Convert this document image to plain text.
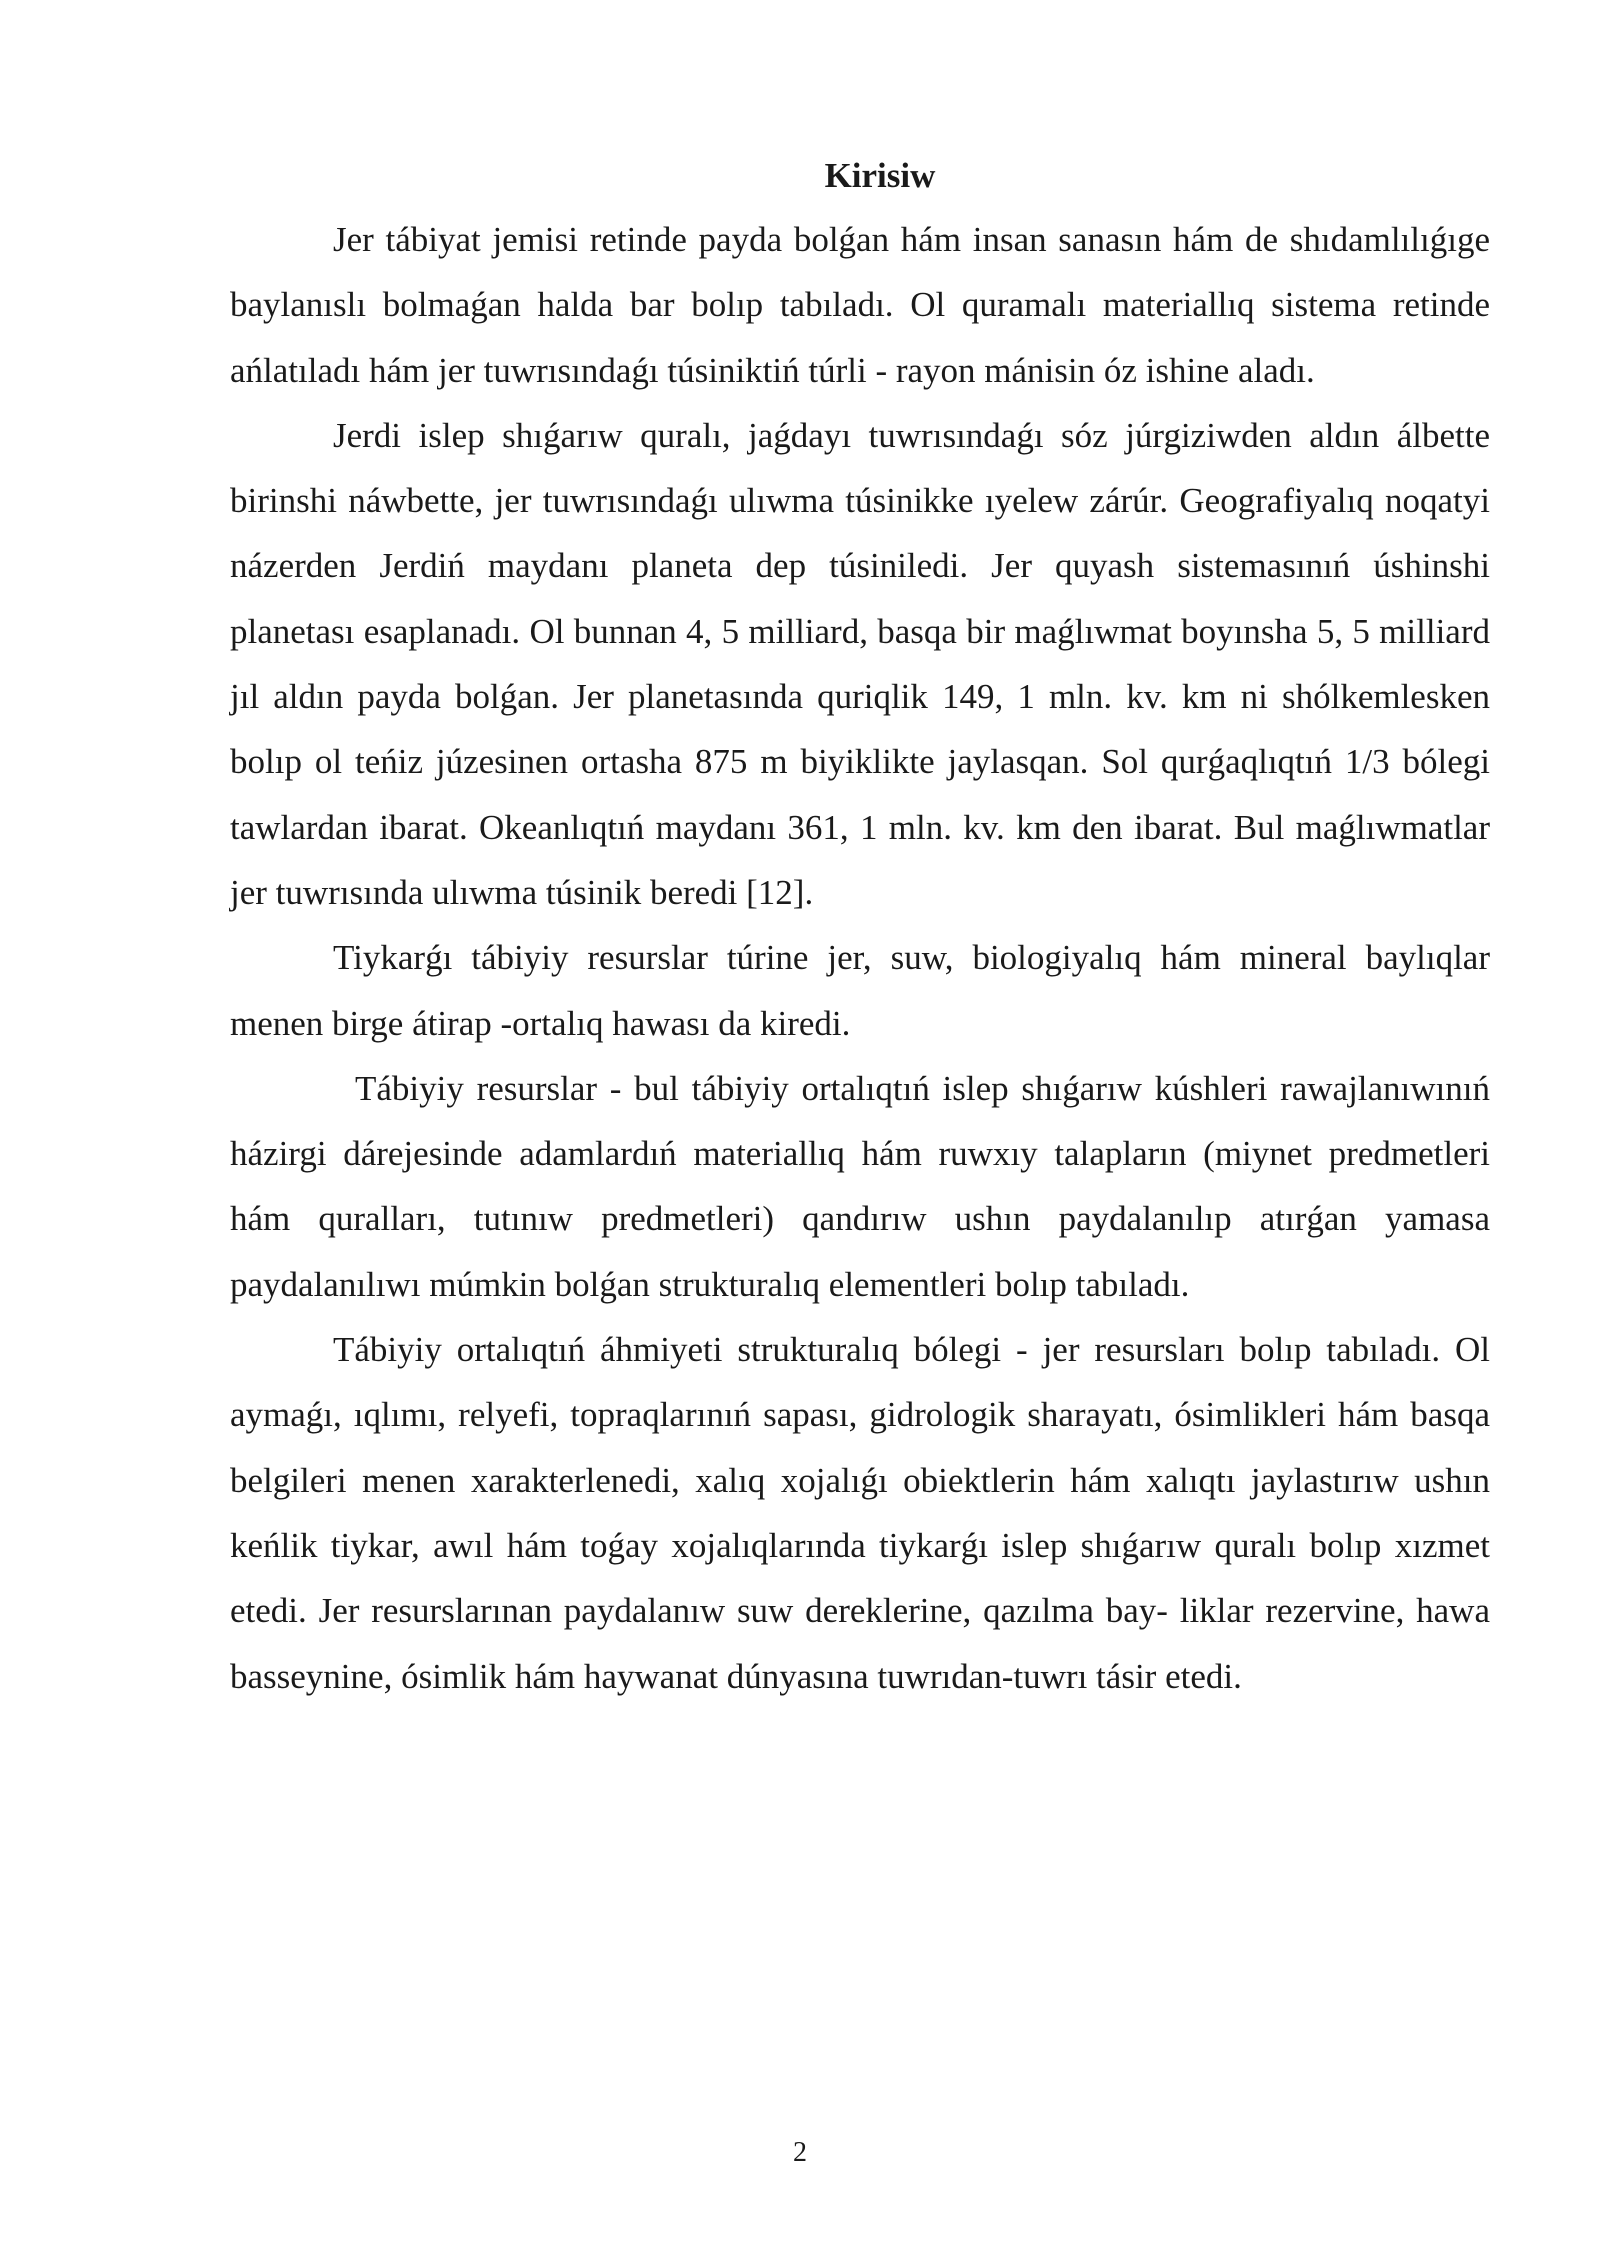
Kirisiw

Jer tábiyat jemisi retinde payda bolǵan hám insan sanasın hám de shıdamlılıǵıge baylanıslı bolmaǵan halda bar bolıp tabıladı. Ol quramalı materiallıq sistema retinde ańlatıladı hám jer tuwrısındaǵı túsiniktiń túrli - rayon mánisin óz ishine aladı.

Jerdi islep shıǵarıw quralı, jaǵdayı tuwrısındaǵı sóz júrgiziwden aldın álbette birinshi náwbette, jer tuwrısındaǵı ulıwma túsinikke ıyelew zárúr. Geografiyalıq noqatyi názerden Jerdiń maydanı planeta dep túsiniledi. Jer quyash sistemasınıń úshinshi planetası esaplanadı. Ol bunnan 4, 5 milliard, basqa bir maǵlıwmat boyınsha 5, 5 milliard jıl aldın payda bolǵan. Jer planetasında quriqlik 149, 1 mln. kv. km ni shólkemlesken bolıp ol teńiz júzesinen ortasha 875 m biyiklikte jaylasqan. Sol qurǵaqlıqtıń 1/3 bólegi tawlardan ibarat. Okeanlıqtıń maydanı 361, 1 mln. kv. km den ibarat. Bul maǵlıwmatlar jer tuwrısında ulıwma túsinik beredi [12].

Tiykarǵı tábiyiy resurslar túrine jer, suw, biologiyalıq hám mineral baylıqlar menen birge átirap -ortalıq hawası da kiredi.

Tábiyiy resurslar - bul tábiyiy ortalıqtıń islep shıǵarıw kúshleri rawajlanıwınıń házirgi dárejesinde adamlardıń materiallıq hám ruwxıy talapların (miynet predmetleri hám quralları, tutınıw predmetleri) qandırıw ushın paydalanılıp atırǵan yamasa paydalanılıwı múmkin bolǵan strukturalıq elementleri bolıp tabıladı.

Tábiyiy ortalıqtıń áhmiyeti strukturalıq bólegi - jer resursları bolıp tabıladı. Ol aymaǵı, ıqlımı, relyefi, topraqlarınıń sapası, gidrologik sharayatı, ósimlikleri hám basqa belgileri menen xarakterlenedi, xalıq xojalıǵı obiektlerin hám xalıqtı jaylastırıw ushın keńlik tiykar, awıl hám toǵay xojalıqlarında tiykarǵı islep shıǵarıw quralı bolıp xızmet etedi. Jer resurslarınan paydalanıw suw dereklerine, qazılma bay- liklar rezervine, hawa basseynine, ósimlik hám haywanat dúnyasına tuwrıdan-tuwrı tásir etedi.

2
